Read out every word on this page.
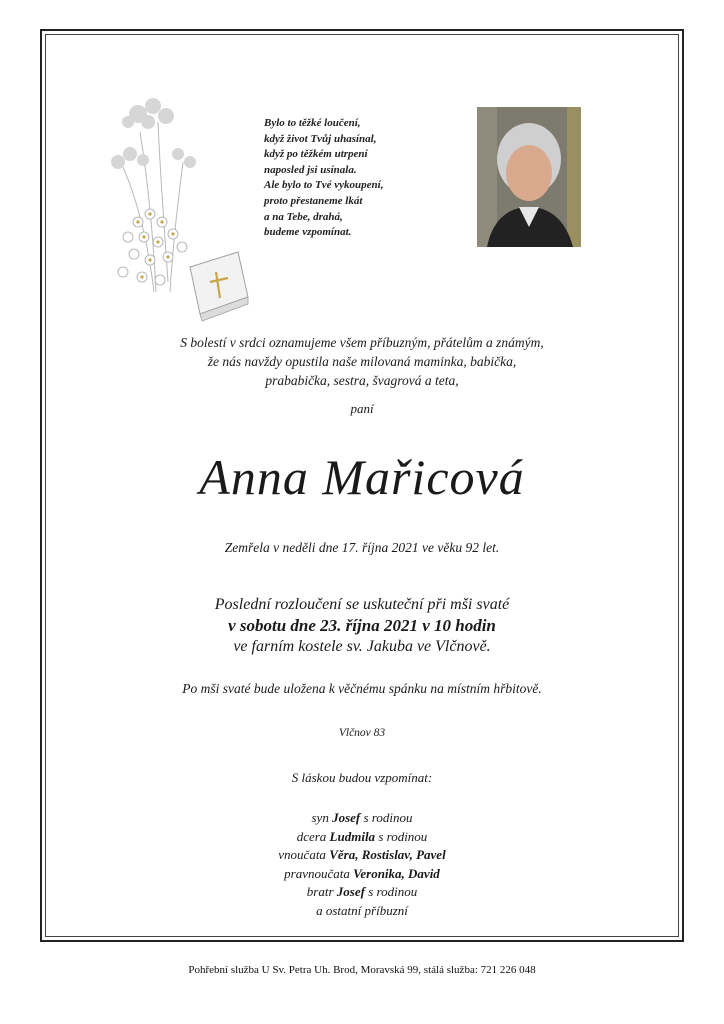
Bylo to těžké loučení,
když život Tvůj uhasínal,
když po těžkém utrpení
naposled jsi usínala.
Ale bylo to Tvé vykoupení,
proto přestaneme lkát
a na Tebe, drahá,
budeme vzpomínat.
S bolestí v srdci oznamujeme všem příbuzným, přátelům a známým,
že nás navždy opustila naše milovaná maminka, babička,
prababička, sestra, švagrová a teta,
paní
Anna Mařicová
Zemřela v neděli dne 17. října 2021 ve věku 92 let.
Poslední rozloučení se uskuteční při mši svaté
v sobotu dne 23. října 2021 v 10 hodin
ve farním kostele sv. Jakuba ve Vlčnově.
Po mši svaté bude uložena k věčnému spánku na místním hřbitově.
Vlčnov 83
S láskou budou vzpomínat:
syn Josef s rodinou
dcera Ludmila s rodinou
vnoučata Věra, Rostislav, Pavel
pravnoučata Veronika, David
bratr Josef s rodinou
a ostatní příbuzní
Pohřební služba U Sv. Petra Uh. Brod, Moravská 99, stálá služba: 721 226 048
